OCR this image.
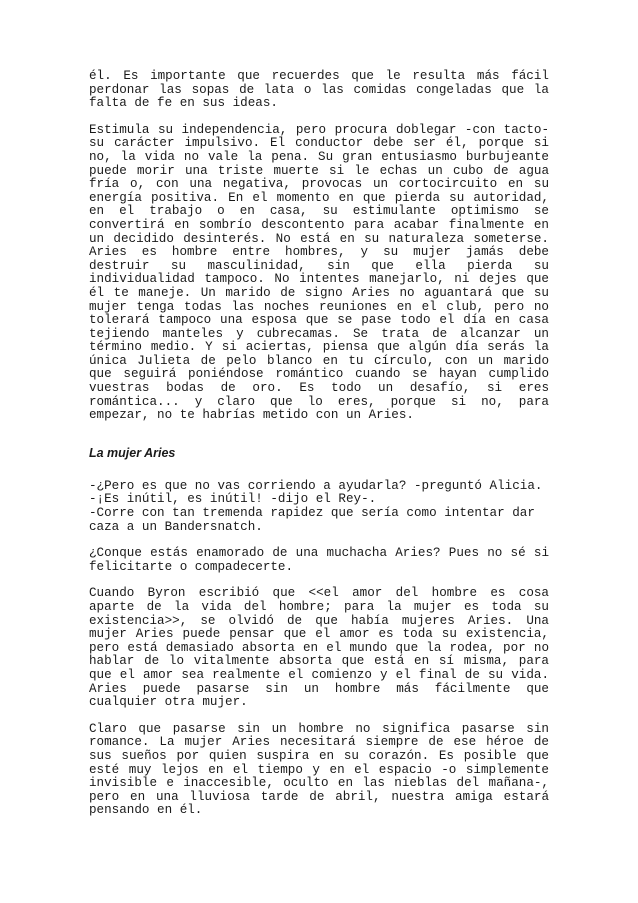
él. Es importante que recuerdes que le resulta más fácil perdonar las sopas de lata o las comidas congeladas que la falta de fe en sus ideas.

Estimula su independencia, pero procura doblegar -con tacto- su carácter impulsivo. El conductor debe ser él, porque si no, la vida no vale la pena. Su gran entusiasmo burbujeante puede morir una triste muerte si le echas un cubo de agua fría o, con una negativa, provocas un cortocircuito en su energía positiva. En el momento en que pierda su autoridad, en el trabajo o en casa, su estimulante optimismo se convertirá en sombrío descontento para acabar finalmente en un decidido desinterés. No está en su naturaleza someterse. Aries es hombre entre hombres, y su mujer jamás debe destruir su masculinidad, sin que ella pierda su individualidad tampoco. No intentes manejarlo, ni dejes que él te maneje. Un marido de signo Aries no aguantará que su mujer tenga todas las noches reuniones en el club, pero no tolerará tampoco una esposa que se pase todo el día en casa tejiendo manteles y cubrecamas. Se trata de alcanzar un término medio. Y si aciertas, piensa que algún día serás la única Julieta de pelo blanco en tu círculo, con un marido que seguirá poniéndose romántico cuando se hayan cumplido vuestras bodas de oro. Es todo un desafío, si eres romántica... y claro que lo eres, porque si no, para empezar, no te habrías metido con un Aries.

La mujer Aries

-¿Pero es que no vas corriendo a ayudarla? -preguntó Alicia.
-¡Es inútil, es inútil! -dijo el Rey-.
-Corre con tan tremenda rapidez que sería como intentar dar caza a un Bandersnatch.

¿Conque estás enamorado de una muchacha Aries? Pues no sé si felicitarte o compadecerte.

Cuando Byron escribió que <<el amor del hombre es cosa aparte de la vida del hombre; para la mujer es toda su existencia>>, se olvidó de que había mujeres Aries. Una mujer Aries puede pensar que el amor es toda su existencia, pero está demasiado absorta en el mundo que la rodea, por no hablar de lo vitalmente absorta que está en sí misma, para que el amor sea realmente el comienzo y el final de su vida. Aries puede pasarse sin un hombre más fácilmente que cualquier otra mujer.

Claro que pasarse sin un hombre no significa pasarse sin romance. La mujer Aries necesitará siempre de ese héroe de sus sueños por quien suspira en su corazón. Es posible que esté muy lejos en el tiempo y en el espacio -o simplemente invisible e inaccesible, oculto en las nieblas del mañana-, pero en una lluviosa tarde de abril, nuestra amiga estará pensando en él.
